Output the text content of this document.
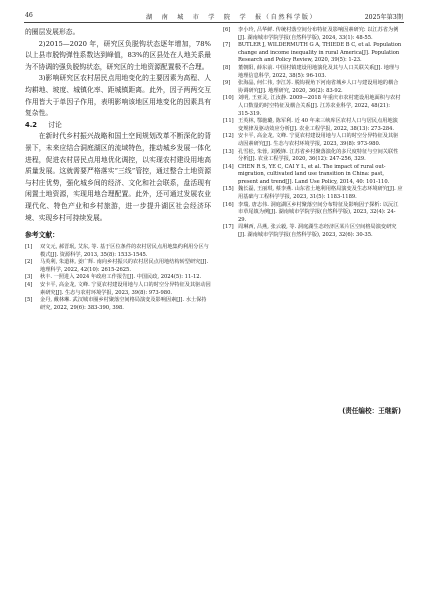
46	湖　南　城　市　学　院　学　报（自然科学版）	2025年第3期

的圈层发展形态。

2)2015—2020 年，研究区负脱钩状态逐年增加，78%以上县市脱钩弹性系数达到峰值，83%的区县处在人地关系最为不协调的强负脱钩状态，研究区的土地资源配置极不合理。

3)影响研究区农村居民点用地变化的主要因素为高程、人均耕地、坡度、城镇化率、距城镇距离。此外，因子两两交互作用皆大于单因子作用，表明影响该地区用地变化的因素具有复杂性。

4.2 　 讨论

在新时代乡村振兴战略和国土空间规划改革不断深化的背景下，未来应结合洞庭湖区的流域特色，推动城乡发展一体化进程，促进农村居民点用地优化调控，以实现农村建设用地高质量发展。这就需要严格落实“三线”管控，通过整合土地资源与村庄优势，强化城乡间的经济、文化和社会联系，盘活现有闲置土地资源，实现用地合理配置。此外，还可通过发展农业现代化、特色产业和乡村旅游，进一步提升湖区社会经济环境、实现乡村可持续发展。

参考文献：
[1] 双文元, 郝晋珉, 艾东, 等. 基于区位条件的农村居民点用地集约利用分区与模式[J]. 资源科学, 2013, 35(8): 1533-1545.
[2] 马英利, 朱道林, 姜广辉. 南向乡村振兴的农村居民点用地结构转型研究[J]. 地理科学, 2022, 42(10): 2615-2625.
[3] 秋丰. 一照进入 2024 年政府工作报告[J]. 中国民政, 2024(5): 11-12.
[4] 安卡平, 高金龙, 文峰. 宁夏农村建设用地与人口的时空分异特征及其驱动因素研究[J]. 生态与农村环境学报, 2023, 39(8): 973-980.
[5] 金丹, 戴林琳. 武汉城市圈乡村聚落空间格局演变及影响因素[J]. 水土保持研究, 2022, 29(6): 383-390, 398.
[6] 李小玲, 吕华鲜. 传统村落空间分布特征及影响因素研究: 以江苏省为例[J]. 湖南城市学院学报(自然科学版), 2024, 33(1): 48-55.
[7] BUTLER J, WILDERMUTH G A, THIEDE B C, et al. Population change and income inequality in rural America[J]. Population Research and Policy Review, 2020, 39(5): 1-23.
[8] 董朝阳, 薛东前. 中国村镇建设用地演化及其与人口关联关系[J]. 地理与地理信息科学, 2022, 38(5): 96-103.
[9] 张海晶, 何仁伟, 李江苏. 脱钩视角下河南省城乡人口与建设用地的耦合协调研究[J]. 地理研究, 2020, 36(2): 83-92.
[10] 刘明, 王亚灵, 江汝静. 2009—2018 年重庆市农村建设用地面积与农村人口数量的时空特征及耦合关系[J]. 江苏农业科学, 2022, 48(21): 315-319.
[11] 王英林, 鄂施璐, 陈军利. 近 40 年来三峡库区农村人口与居民点用地演变规律及驱动效应分析[J]. 农业工程学报, 2022, 38(13): 273-284.
[12] 安卡平, 高金龙, 文峰. 宁夏农村建设用地与人口的时空分异特征及其驱动因素研究[J]. 生态与农村环境学报, 2023, 39(8): 973-980.
[13] 孔雪松, 朱蓉, 刘殿锋. 江苏省乡村聚落演化的多尺度特征与空间关联性分析[J]. 农业工程学报, 2020, 36(12): 247-256, 329.
[14] CHEN R S, YE C, CAI Y L, et al. The impact of rural out-migration, cultivated land use transition in China: past, present and trend[J]. Land Use Policy, 2014, 40: 101-110.
[15] 魏长磊, 王丽琪, 蔡李燕. 山东省土地利用格局演变及生态环境研究[J]. 应用基础与工程科学学报, 2023, 31(5): 1183-1189.
[16] 李瑞, 唐志伟. 洞庭湖区乡村聚落空间分布特征及影响因子探析: 以沅江市草尾镇为例[J]. 湖南城市学院学报(自然科学版), 2023, 32(4): 24-29.
[17] 周琳西, 吕燕, 张云毅, 等. 洞庭湖生态经济区某片区空间格局演变研究[J]. 湖南城市学院学报(自然科学版), 2023, 32(6): 30-35.
(责任编校：王继新)
